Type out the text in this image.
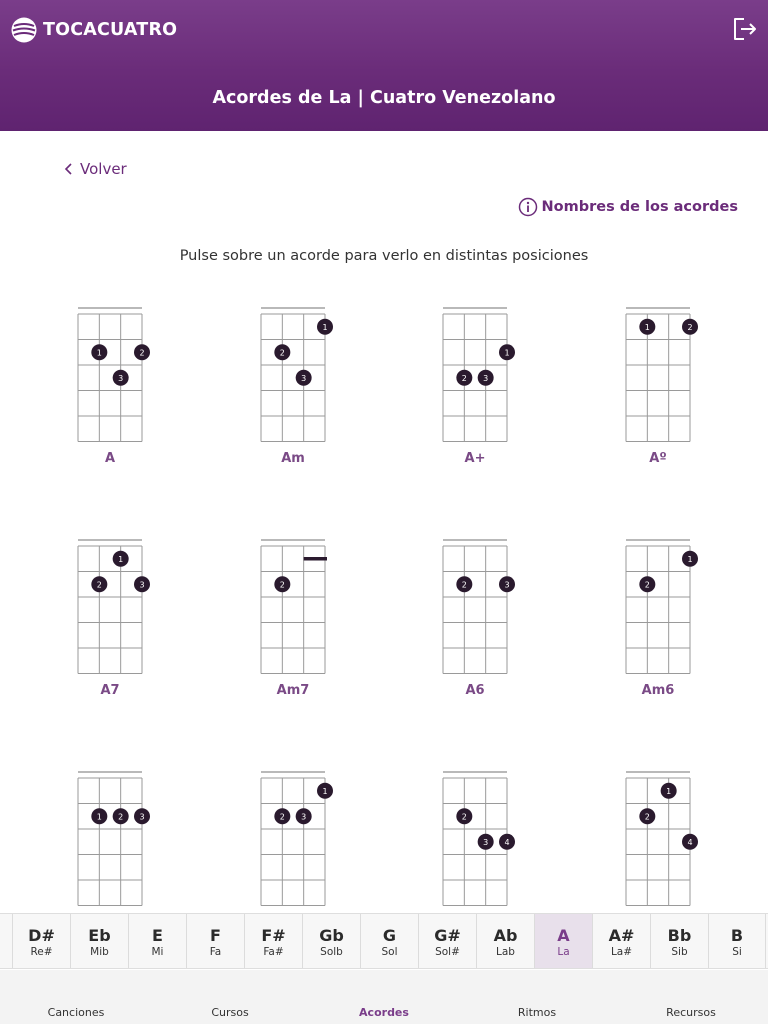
TOCACUATRO
Acordes de La | Cuatro Venezolano
Volver
Nombres de los acordes
Pulse sobre un acorde para verlo en distintas posiciones
1	2
3
A
1
2
3
Am
1
2 3
A+
1	2
Aº
1
2	3
A7
2
Am7
2	3
A6
1
2
Am6
1 2 3
1
2 3	2
3 4
1
2
4
D#
Re#
Eb
Mib
E
Mi
F
Fa
F#
Fa#
Gb
Solb
G
Sol
G#
Sol#
Ab
Lab
A
La
A#
La#
Bb
Sib
B
Si
Canciones	Cursos	Acordes	Ritmos	Recursos
